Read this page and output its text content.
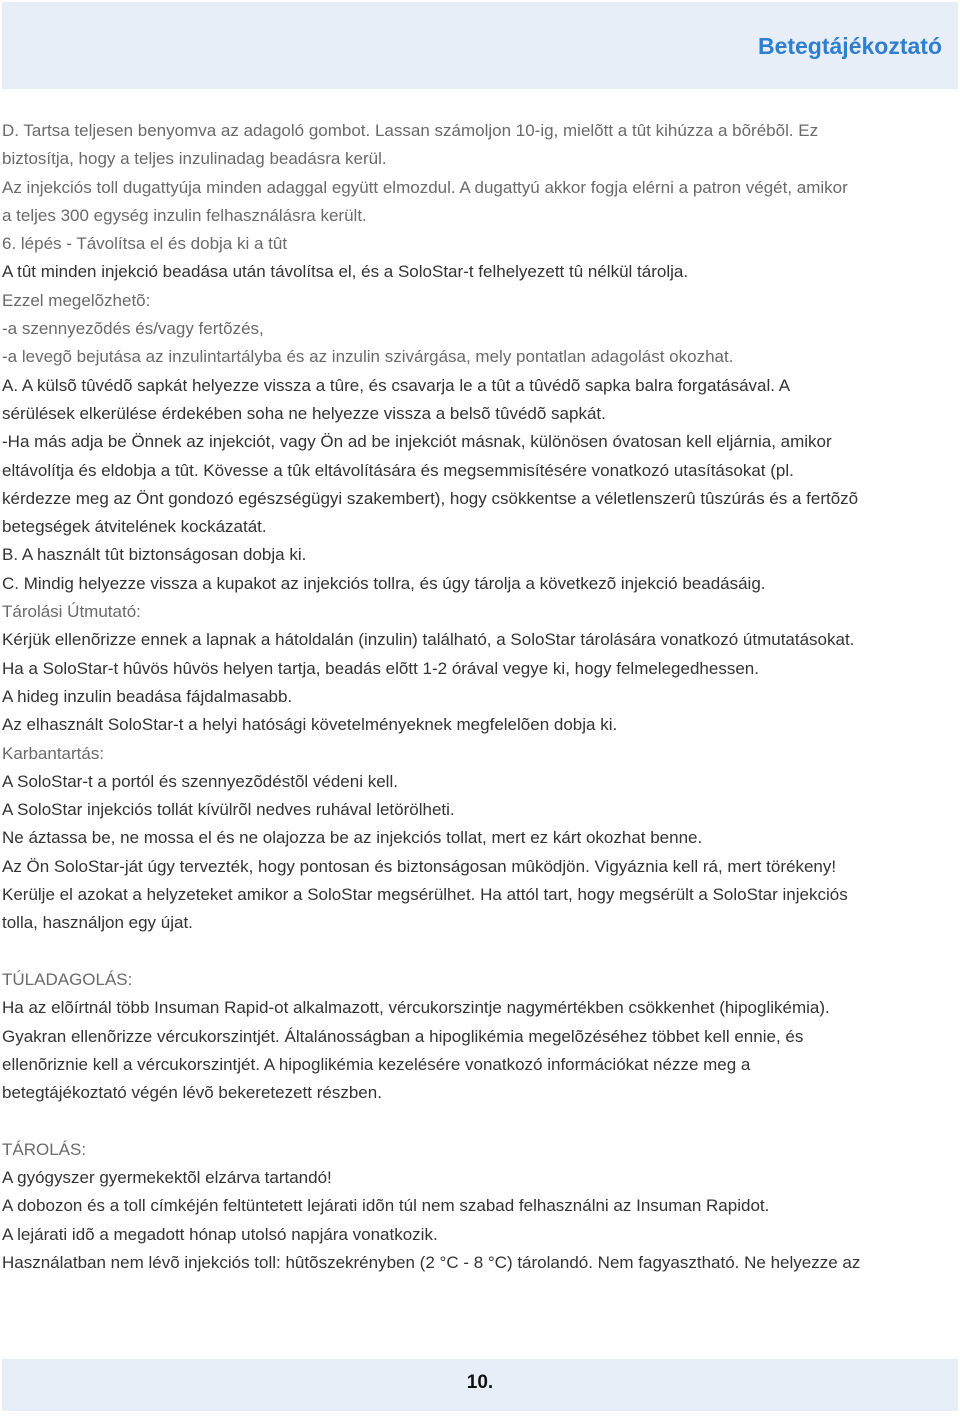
Betegtájékoztató
D. Tartsa teljesen benyomva az adagoló gombot. Lassan számoljon 10-ig, mielõtt a tût kihúzza a bõrébõl. Ez
biztosítja, hogy a teljes inzulinadag beadásra kerül.
Az injekciós toll dugattyúja minden adaggal együtt elmozdul. A dugattyú akkor fogja elérni a patron végét, amikor
a teljes 300 egység inzulin felhasználásra került.
6. lépés - Távolítsa el és dobja ki a tût
A tût minden injekció beadása után távolítsa el, és a SoloStar-t felhelyezett tû nélkül tárolja.
Ezzel megelõzhetõ:
-a szennyezõdés és/vagy fertõzés,
-a levegõ bejutása az inzulintartályba és az inzulin szivárgása, mely pontatlan adagolást okozhat.
A. A külsõ tûvédõ sapkát helyezze vissza a tûre, és csavarja le a tût a tûvédõ sapka balra forgatásával. A
sérülések elkerülése érdekében soha ne helyezze vissza a belsõ tûvédõ sapkát.
-Ha más adja be Önnek az injekciót, vagy Ön ad be injekciót másnak, különösen óvatosan kell eljárnia, amikor
eltávolítja és eldobja a tût. Kövesse a tûk eltávolítására és megsemmisítésére vonatkozó utasításokat (pl.
kérdezze meg az Önt gondozó egészségügyi szakembert), hogy csökkentse a véletlenszerû tûszúrás és a fertõzõ
betegségek átvitelének kockázatát.
B. A használt tût biztonságosan dobja ki.
C. Mindig helyezze vissza a kupakot az injekciós tollra, és úgy tárolja a következõ injekció beadásáig.
Tárolási Útmutató:
Kérjük ellenõrizze ennek a lapnak a hátoldalán (inzulin) található, a SoloStar tárolására vonatkozó útmutatásokat.
Ha a SoloStar-t hûvös hûvös helyen tartja, beadás elõtt 1-2 órával vegye ki, hogy felmelegedhessen.
A hideg inzulin beadása fájdalmasabb.
Az elhasznált SoloStar-t a helyi hatósági követelményeknek megfelelõen dobja ki.
Karbantartás:
A SoloStar-t a portól és szennyezõdéstõl védeni kell.
A SoloStar injekciós tollát kívülrõl nedves ruhával letörölheti.
Ne áztassa be, ne mossa el és ne olajozza be az injekciós tollat, mert ez kárt okozhat benne.
Az Ön SoloStar-ját úgy tervezték, hogy pontosan és biztonságosan mûködjön. Vigyáznia kell rá, mert törékeny!
Kerülje el azokat a helyzeteket amikor a SoloStar megsérülhet. Ha attól tart, hogy megsérült a SoloStar injekciós
tolla, használjon egy újat.
TÚLADAGOLÁS:
Ha az elõírtnál több Insuman Rapid-ot alkalmazott, vércukorszintje nagymértékben csökkenhet (hipoglikémia).
Gyakran ellenõrizze vércukorszintjét. Általánosságban a hipoglikémia megelõzéséhez többet kell ennie, és
ellenõriznie kell a vércukorszintjét. A hipoglikémia kezelésére vonatkozó információkat nézze meg a
betegtájékoztató végén lévõ bekeretezett részben.
TÁROLÁS:
A gyógyszer gyermekektõl elzárva tartandó!
A dobozon és a toll címkéjén feltüntetett lejárati idõn túl nem szabad felhasználni az Insuman Rapidot.
A lejárati idõ a megadott hónap utolsó napjára vonatkozik.
Használatban nem lévõ injekciós toll: hûtõszekrényben (2 °C - 8 °C) tárolandó. Nem fagyasztható. Ne helyezze az
10.
